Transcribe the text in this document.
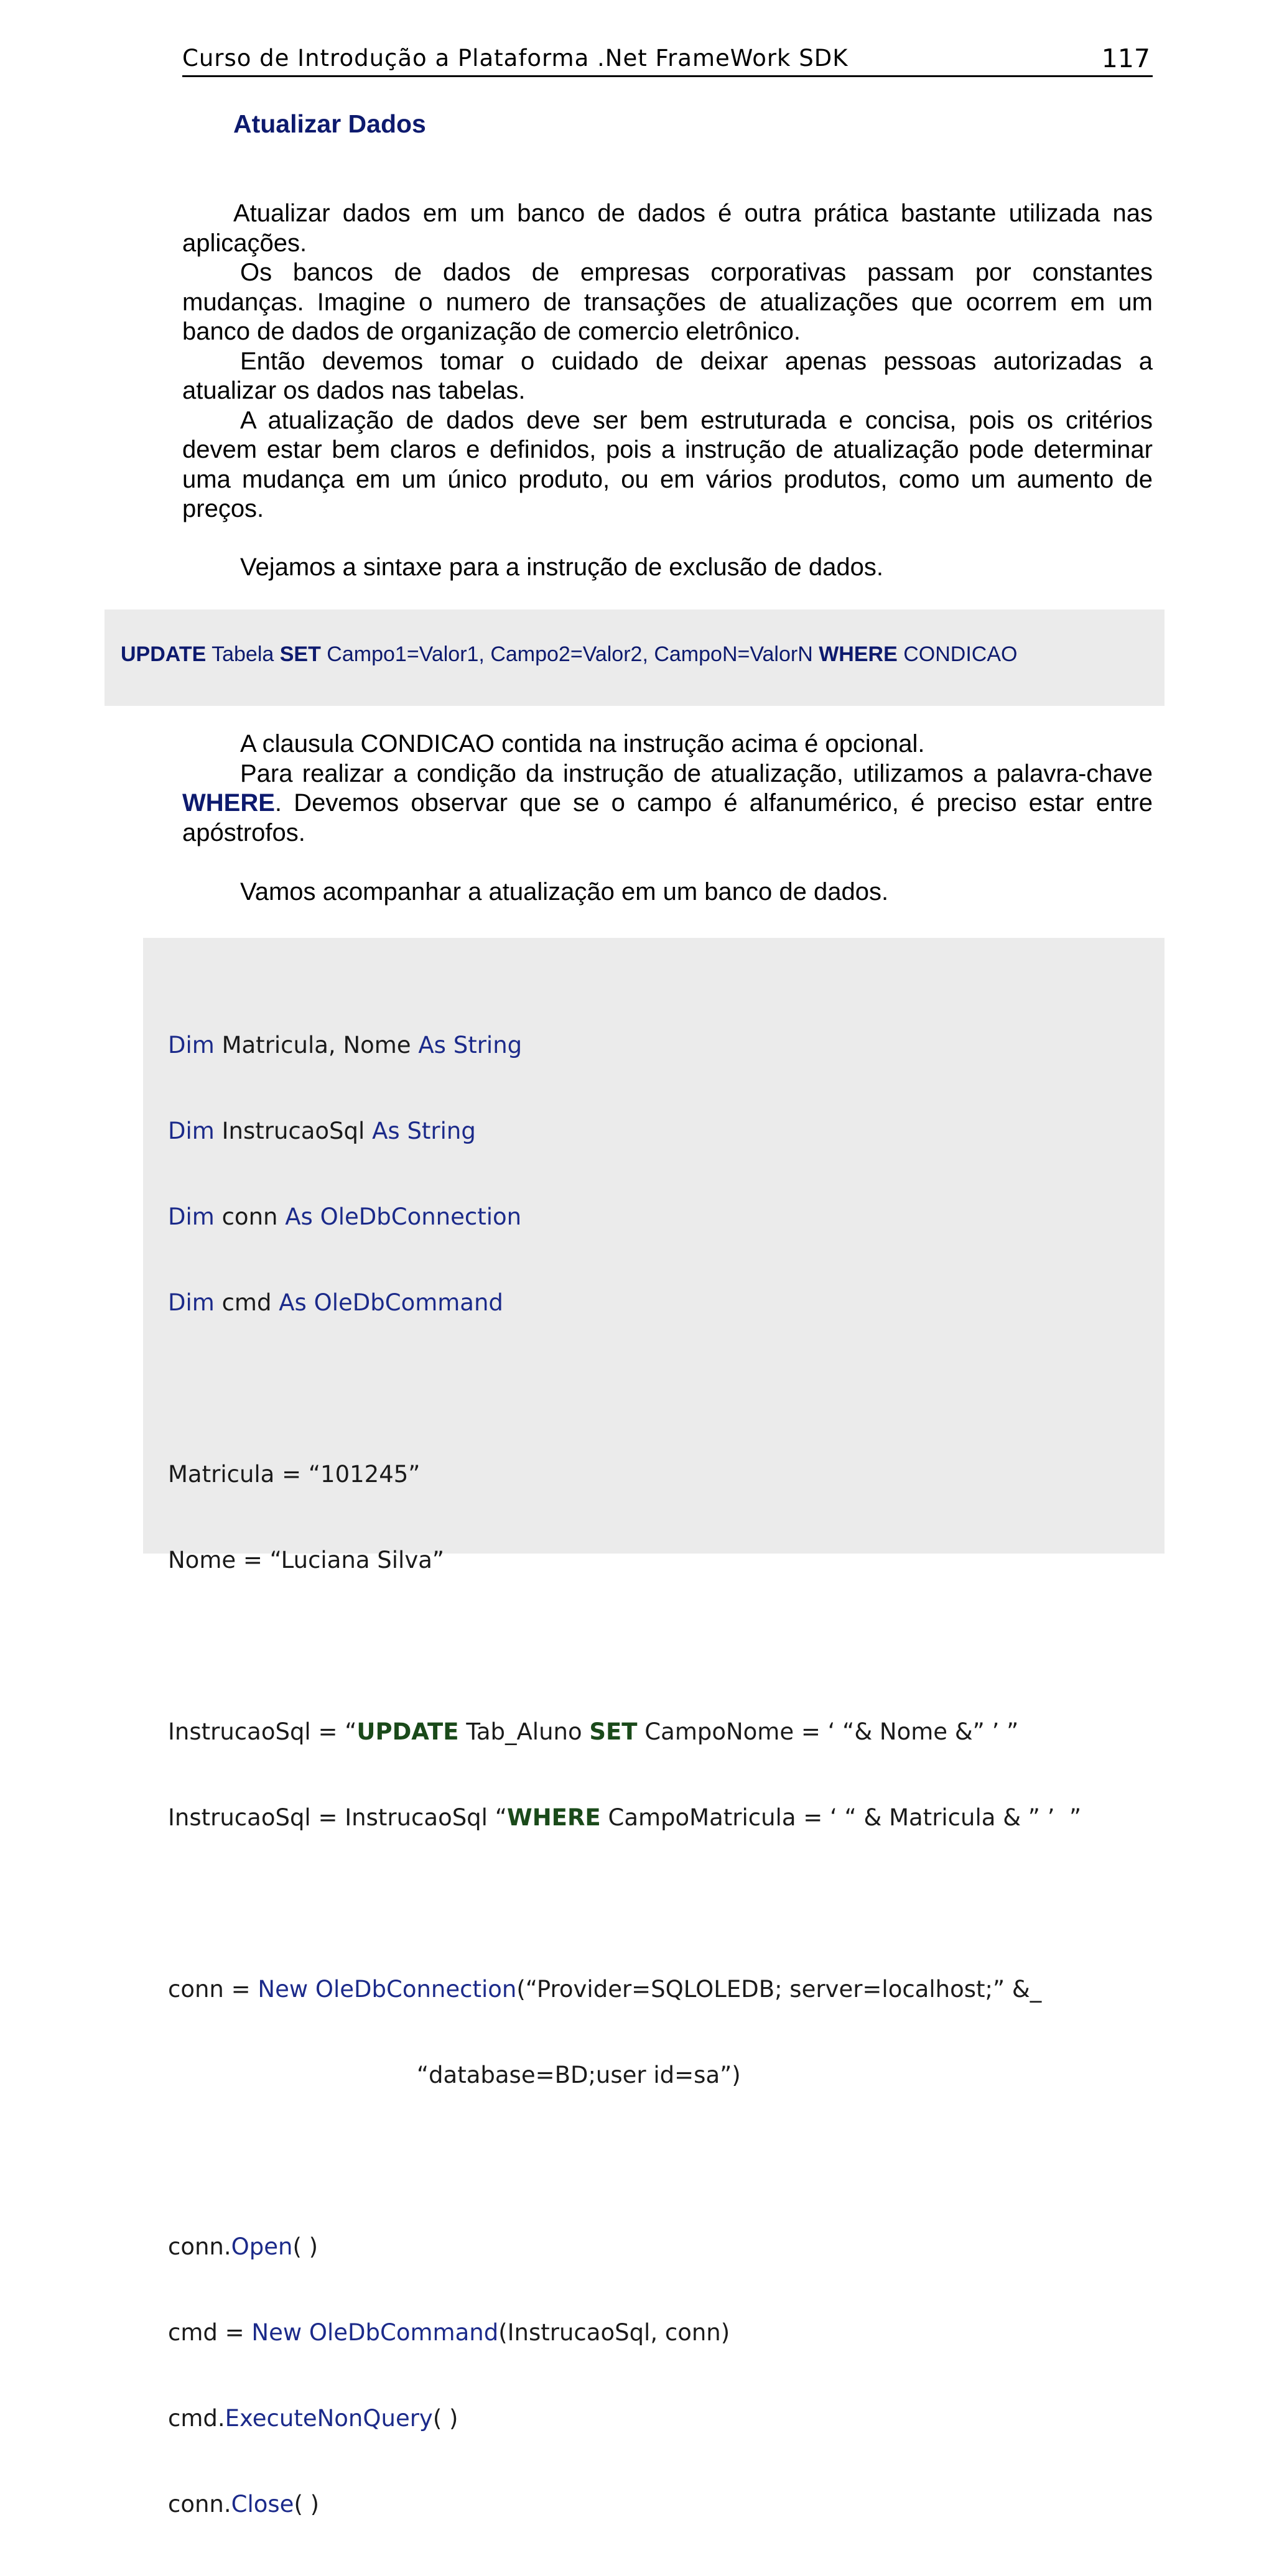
Curso de Introdução a Plataforma .Net FrameWork SDK	117
Atualizar Dados

Atualizar dados em um banco de dados é outra prática bastante utilizada nas aplicações.

Os bancos de dados de empresas corporativas passam por constantes mudanças. Imagine o numero de transações de atualizações que ocorrem em um banco de dados de organização de comercio eletrônico.

Então devemos tomar o cuidado de deixar apenas pessoas autorizadas a atualizar os dados nas tabelas.

A atualização de dados deve ser bem estruturada e concisa, pois os critérios devem estar bem claros e definidos, pois a instrução de atualização pode determinar uma mudança em um único produto, ou em vários produtos, como um aumento de preços.

Vejamos a sintaxe para a instrução de exclusão de dados.
UPDATE Tabela SET Campo1=Valor1, Campo2=Valor2, CampoN=ValorN WHERE CONDICAO

A clausula CONDICAO contida na instrução acima é opcional.

Para realizar a condição da instrução de atualização, utilizamos a palavra-chave WHERE. Devemos observar que se o campo é alfanumérico, é preciso estar entre apóstrofos.

Vamos acompanhar a atualização em um banco de dados.

Dim Matricula, Nome As String

Dim InstrucaoSql As String

Dim conn As OleDbConnection

Dim cmd As OleDbCommand

Matricula = “101245”

Nome = “Luciana Silva”

InstrucaoSql = “UPDATE Tab_Aluno SET CampoNome = ‘ “& Nome &” ’ ”

InstrucaoSql = InstrucaoSql “WHERE CampoMatricula = ‘ “ & Matricula & ” ’  ”

conn = New OleDbConnection(“Provider=SQLOLEDB; server=localhost;” &_

“database=BD;user id=sa”)

conn.Open( )

cmd = New OleDbCommand(InstrucaoSql, conn)

cmd.ExecuteNonQuery( )

conn.Close( )
